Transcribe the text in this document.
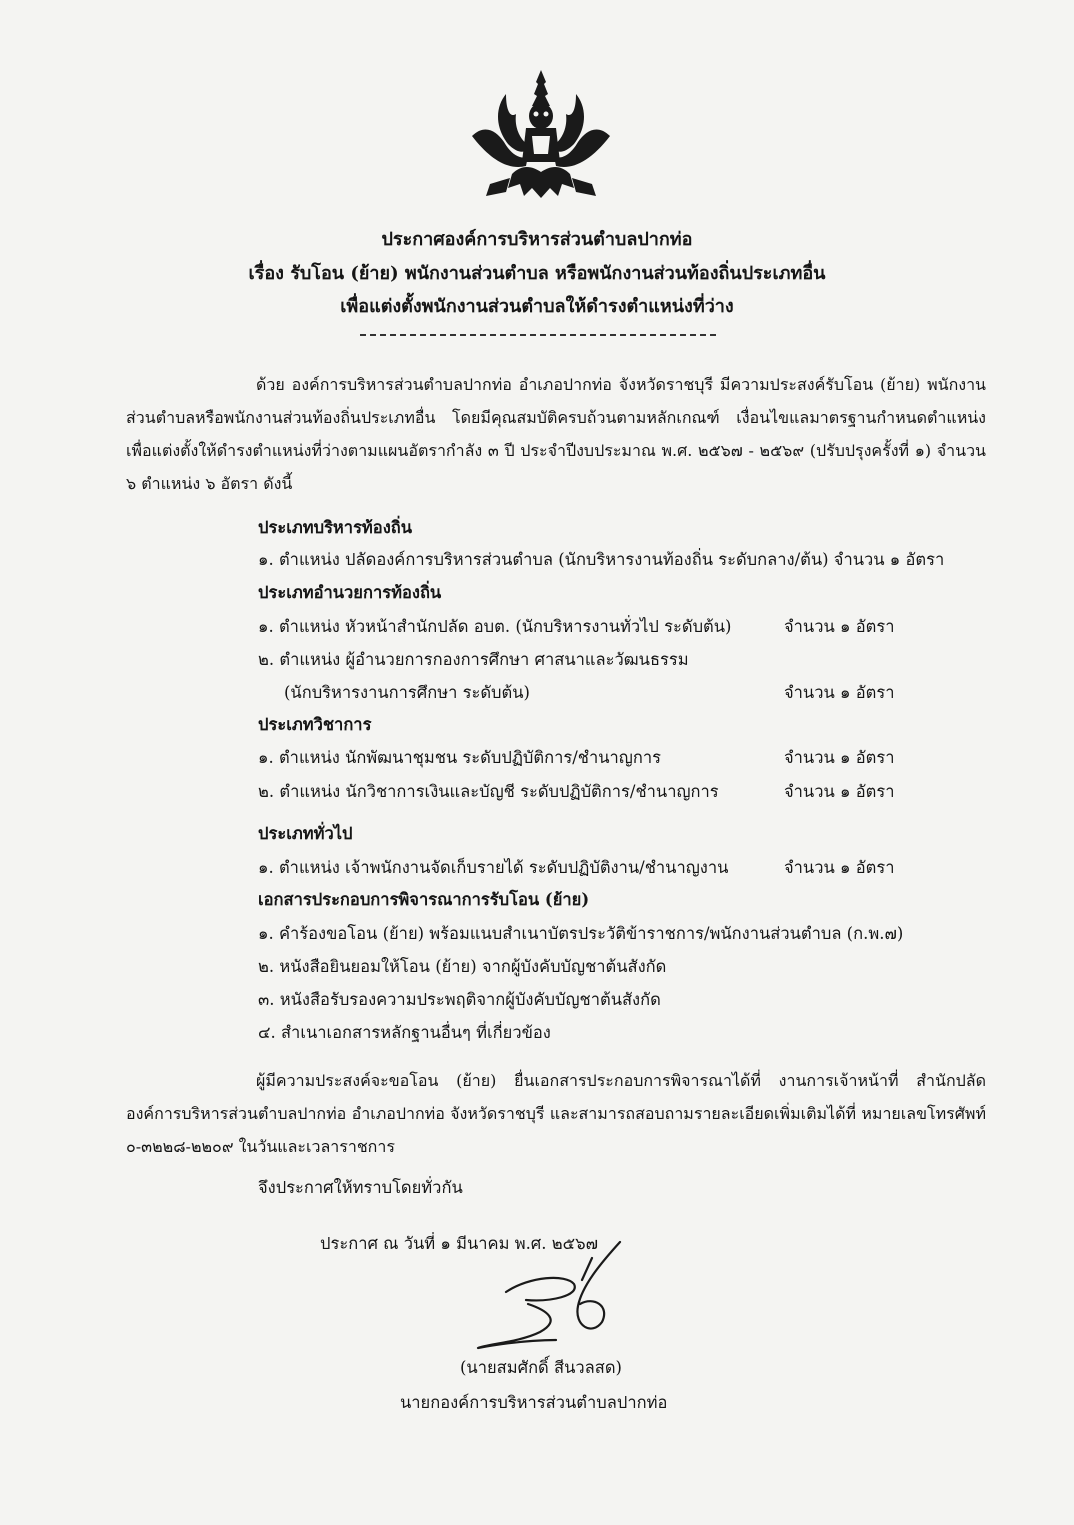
ประกาศองค์การบริหารส่วนตำบลปากท่อ
เรื่อง รับโอน (ย้าย) พนักงานส่วนตำบล หรือพนักงานส่วนท้องถิ่นประเภทอื่น
เพื่อแต่งตั้งพนักงานส่วนตำบลให้ดำรงตำแหน่งที่ว่าง
ด้วย องค์การบริหารส่วนตำบลปากท่อ อำเภอปากท่อ จังหวัดราชบุรี มีความประสงค์รับโอน (ย้าย) พนักงานส่วนตำบลหรือพนักงานส่วนท้องถิ่นประเภทอื่น โดยมีคุณสมบัติครบถ้วนตามหลักเกณฑ์ เงื่อนไขแลมาตรฐานกำหนดตำแหน่ง เพื่อแต่งตั้งให้ดำรงตำแหน่งที่ว่างตามแผนอัตรากำลัง ๓ ปี ประจำปีงบประมาณ พ.ศ. ๒๕๖๗ - ๒๕๖๙ (ปรับปรุงครั้งที่ ๑) จำนวน ๖ ตำแหน่ง ๖ อัตรา ดังนี้
ประเภทบริหารท้องถิ่น
๑. ตำแหน่ง ปลัดองค์การบริหารส่วนตำบล (นักบริหารงานท้องถิ่น ระดับกลาง/ต้น) จำนวน ๑ อัตรา
ประเภทอำนวยการท้องถิ่น
๑. ตำแหน่ง หัวหน้าสำนักปลัด อบต. (นักบริหารงานทั่วไป ระดับต้น)	จำนวน ๑ อัตรา
๒. ตำแหน่ง ผู้อำนวยการกองการศึกษา ศาสนาและวัฒนธรรม
(นักบริหารงานการศึกษา ระดับต้น)	จำนวน ๑ อัตรา
ประเภทวิชาการ
๑. ตำแหน่ง นักพัฒนาชุมชน ระดับปฏิบัติการ/ชำนาญการ	จำนวน ๑ อัตรา
๒. ตำแหน่ง นักวิชาการเงินและบัญชี ระดับปฏิบัติการ/ชำนาญการ	จำนวน ๑ อัตรา
ประเภททั่วไป
๑. ตำแหน่ง เจ้าพนักงานจัดเก็บรายได้ ระดับปฏิบัติงาน/ชำนาญงาน	จำนวน ๑ อัตรา
เอกสารประกอบการพิจารณาการรับโอน (ย้าย)
๑. คำร้องขอโอน (ย้าย) พร้อมแนบสำเนาบัตรประวัติข้าราชการ/พนักงานส่วนตำบล (ก.พ.๗)
๒. หนังสือยินยอมให้โอน (ย้าย) จากผู้บังคับบัญชาต้นสังกัด
๓. หนังสือรับรองความประพฤติจากผู้บังคับบัญชาต้นสังกัด
๔. สำเนาเอกสารหลักฐานอื่นๆ ที่เกี่ยวข้อง
ผู้มีความประสงค์จะขอโอน (ย้าย) ยื่นเอกสารประกอบการพิจารณาได้ที่ งานการเจ้าหน้าที่ สำนักปลัด องค์การบริหารส่วนตำบลปากท่อ อำเภอปากท่อ จังหวัดราชบุรี และสามารถสอบถามรายละเอียดเพิ่มเติมได้ที่ หมายเลขโทรศัพท์ ๐-๓๒๒๘-๒๒๐๙ ในวันและเวลาราชการ
จึงประกาศให้ทราบโดยทั่วกัน
ประกาศ ณ วันที่ ๑ มีนาคม พ.ศ. ๒๕๖๗
(นายสมศักดิ์ สีนวลสด)
นายกองค์การบริหารส่วนตำบลปากท่อ
